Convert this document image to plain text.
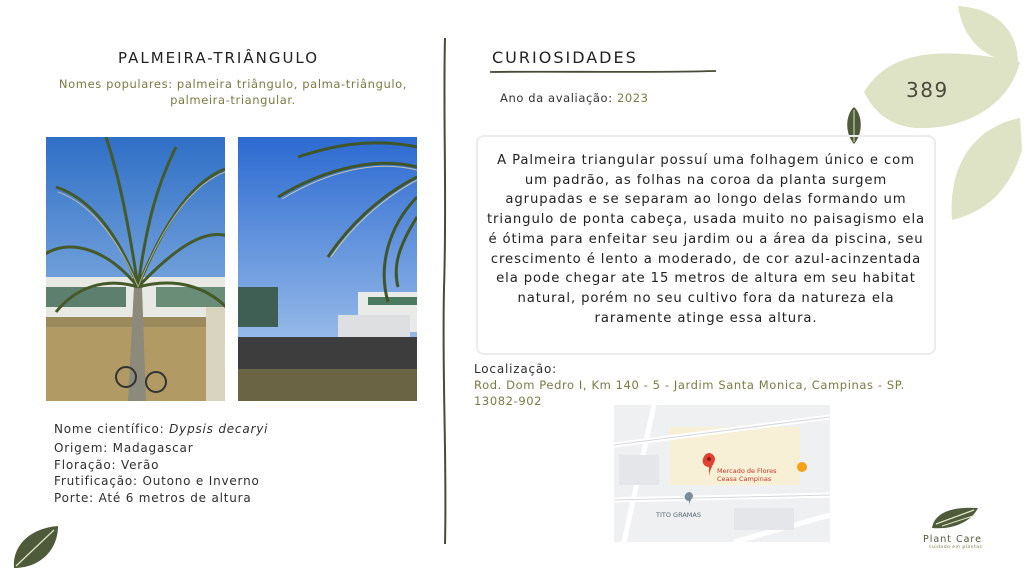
389
PALMEIRA-TRIÂNGULO
Nomes populares: palmeira triângulo, palma-triângulo,
palmeira-triangular.
Nome científico: Dypsis decaryi
Origem: Madagascar
Floração: Verão
Frutificação: Outono e Inverno
Porte: Até 6 metros de altura
CURIOSIDADES
Ano da avaliação: 2023
A Palmeira triangular possuí uma folhagem único e com um padrão, as folhas na coroa da planta surgem agrupadas e se separam ao longo delas formando um triangulo de ponta cabeça, usada muito no paisagismo ela é ótima para enfeitar seu jardim ou a área da piscina, seu crescimento é lento a moderado, de cor azul-acinzentada ela pode chegar ate 15 metros de altura em seu habitat natural, porém no seu cultivo fora da natureza ela raramente atinge essa altura.
Localização:
Rod. Dom Pedro I, Km 140 - 5 - Jardim Santa Monica, Campinas - SP.
13082-902
Mercado de Flores
Ceasa Campinas
TITO GRAMAS
Plant Care
cuidado em plantas
